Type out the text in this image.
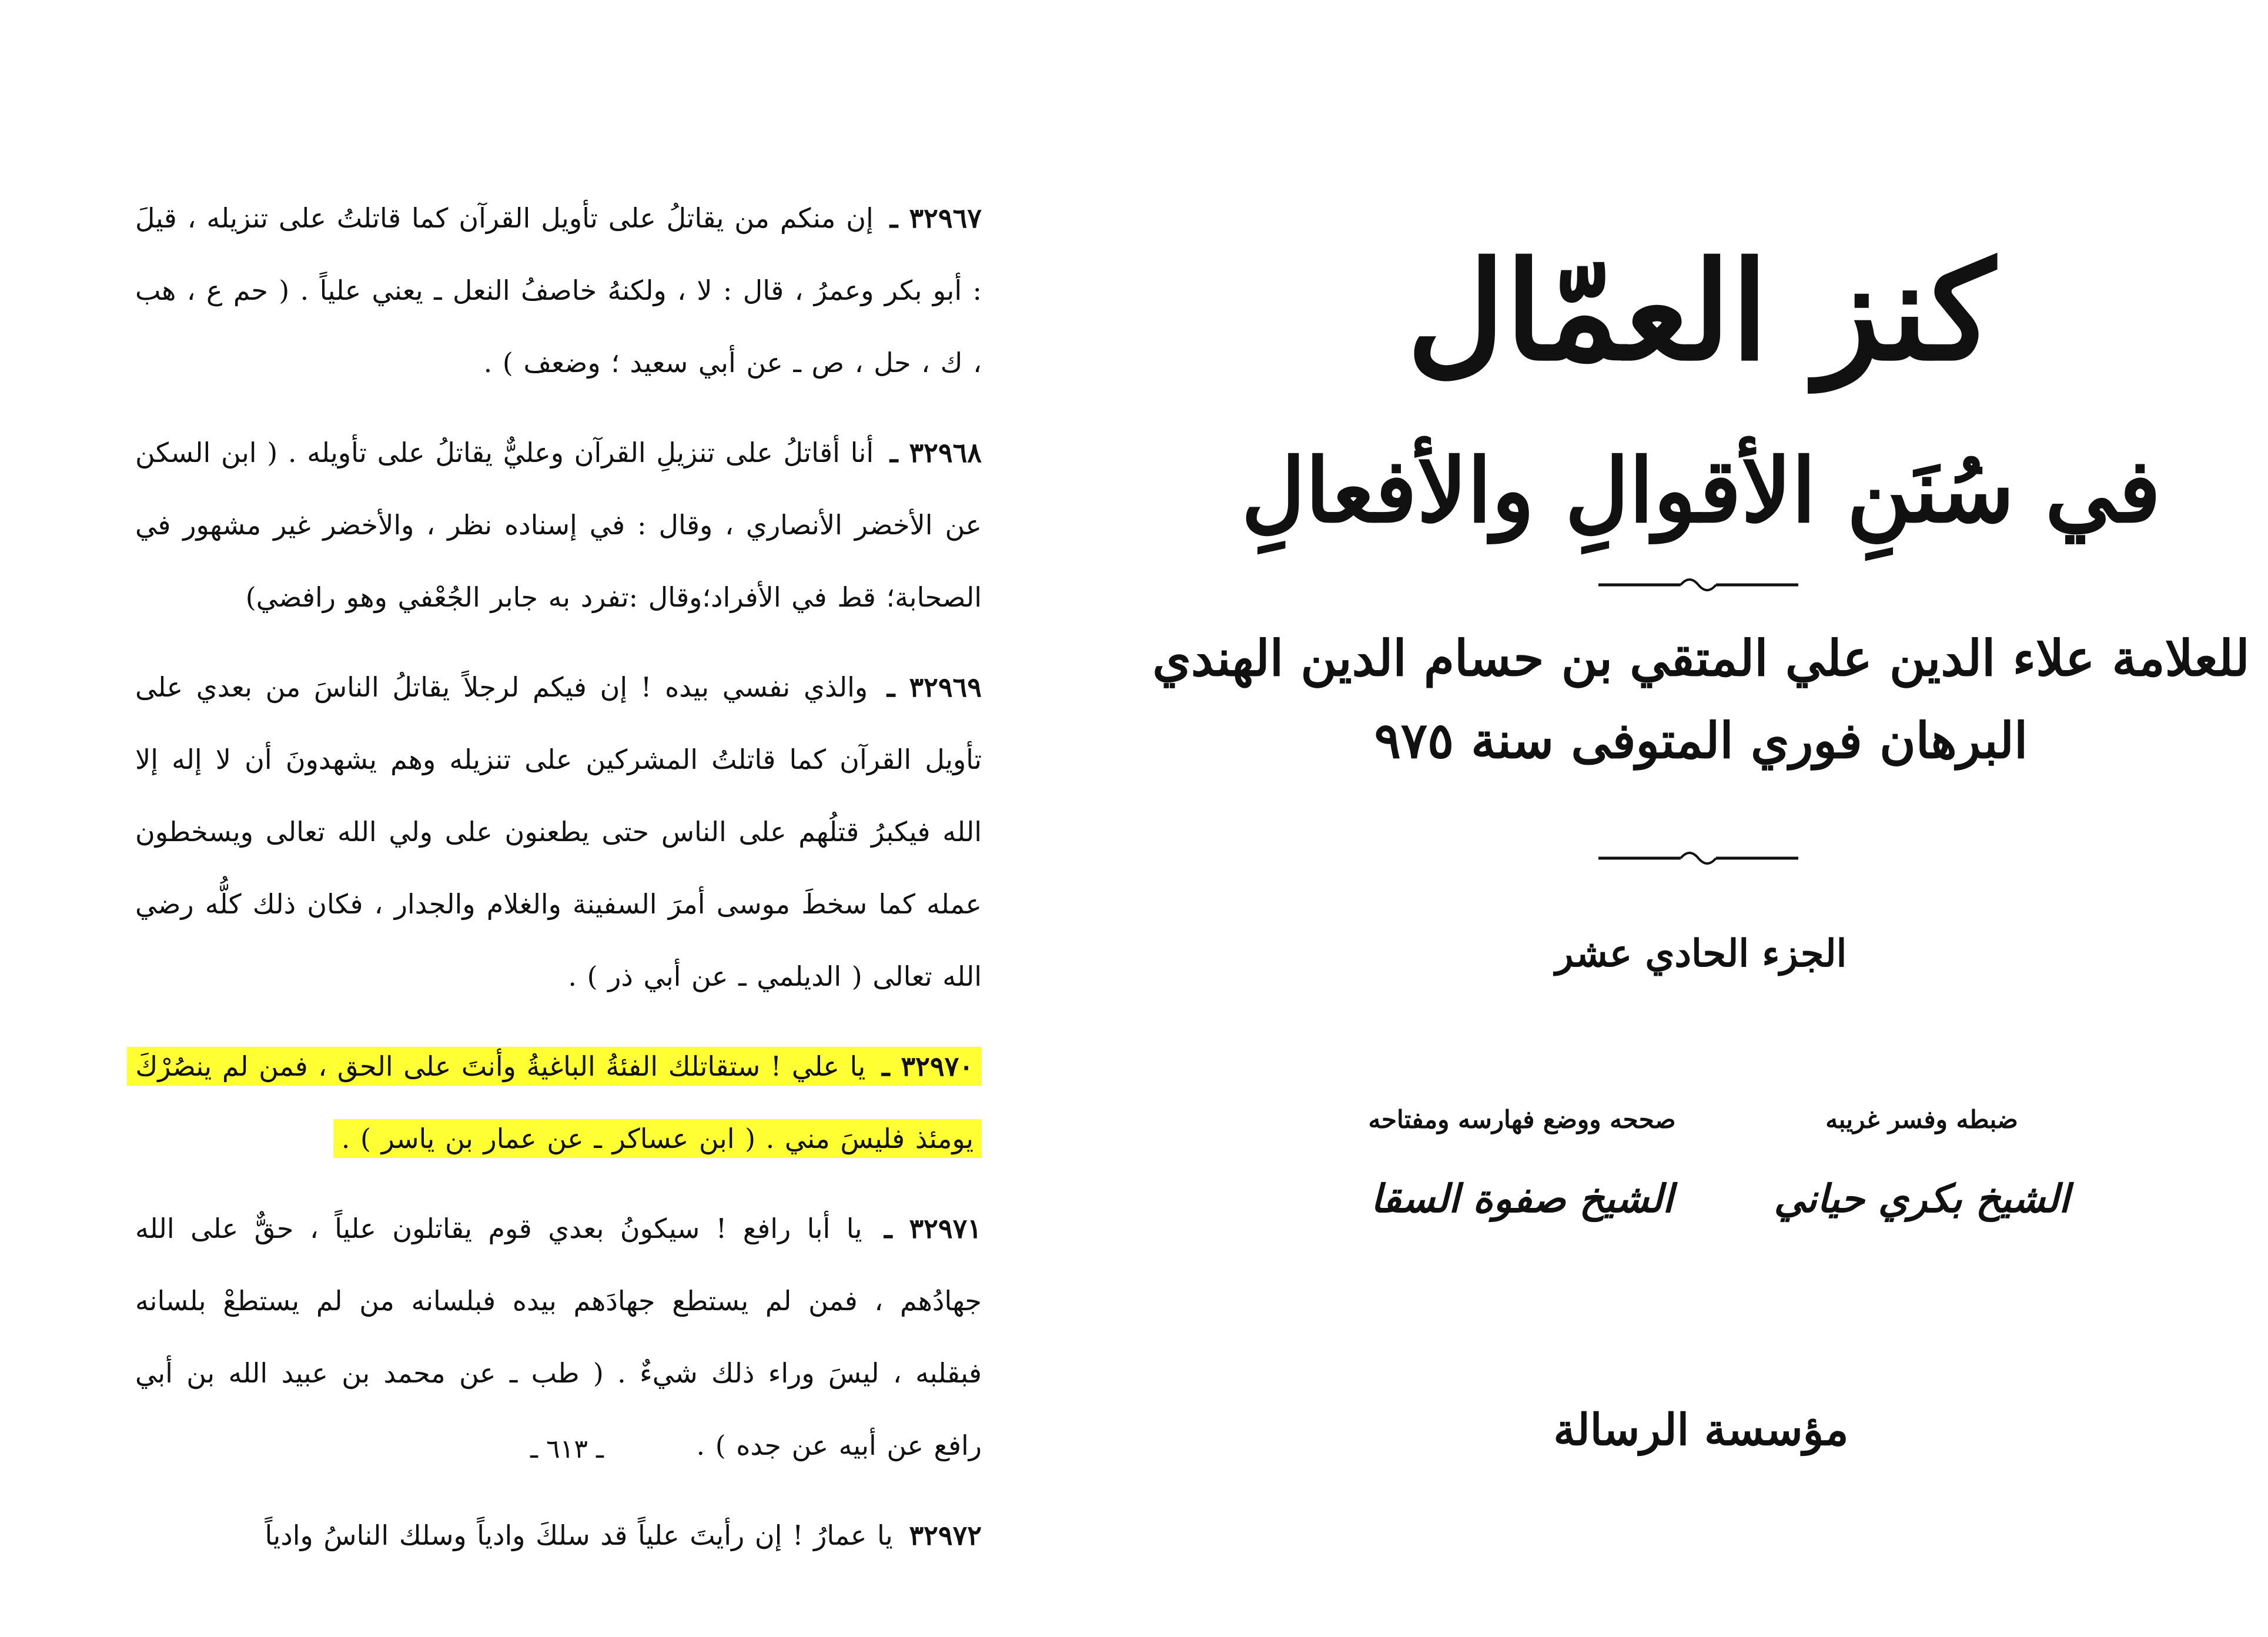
٣٢٩٦٧ ـ إن منكم من يقاتلُ على تأويل القرآن كما قاتلتُ على تنزيله ، قيلَ : أبو بكر وعمرُ ، قال : لا ، ولكنهُ خاصفُ النعل ـ يعني علياً . ( حم ع ، هب ، ك ، حل ، ص ـ عن أبي سعيد ؛ وضعف ) .

٣٢٩٦٨ ـ أنا أقاتلُ على تنزيلِ القرآن وعليٌّ يقاتلُ على تأويله . ( ابن السكن عن الأخضر الأنصاري ، وقال : في إسناده نظر ، والأخضر غير مشهور في الصحابة؛ قط في الأفراد؛وقال :تفرد به جابر الجُعْفي وهو رافضي)

٣٢٩٦٩ ـ والذي نفسي بيده ! إن فيكم لرجلاً يقاتلُ الناسَ من بعدي على تأويل القرآن كما قاتلتُ المشركين على تنزيله وهم يشهدونَ أن لا إله إلا الله فيكبرُ قتلُهم على الناس حتى يطعنون على ولي الله تعالى ويسخطون عمله كما سخطَ موسى أمرَ السفينة والغلام والجدار ، فكان ذلك كلُّه رضي الله تعالى ( الديلمي ـ عن أبي ذر ) .

٣٢٩٧٠ ـ يا علي ! ستقاتلك الفئةُ الباغيةُ وأنتَ على الحق ، فمن لم ينصُرْكَ يومئذ فليسَ مني . ( ابن عساكر ـ عن عمار بن ياسر ) .

٣٢٩٧١ ـ يا أبا رافع ! سيكونُ بعدي قوم يقاتلون علياً ، حقٌّ على الله جهادُهم ، فمن لم يستطع جهادَهم بيده فبلسانه من لم يستطعْ بلسانه فبقلبه ، ليسَ وراء ذلك شيءٌ . ( طب ـ عن محمد بن عبيد الله بن أبي رافع عن أبيه عن جده ) .

٣٢٩٧٢ يا عمارُ ! إن رأيتَ علياً قد سلكَ وادياً وسلك الناسُ وادياً

ـ ٦١٣ ـ
كنز العمّال
في سُنَنِ الأقوالِ والأفعالِ
للعلامة علاء الدين علي المتقي بن حسام الدين الهندي
البرهان فوري المتوفى سنة ٩٧٥
الجزء الحادي عشر
ضبطه وفسر غريبه
الشيخ بكري حياني
صححه ووضع فهارسه ومفتاحه
الشيخ صفوة السقا
مؤسسة الرسالة
